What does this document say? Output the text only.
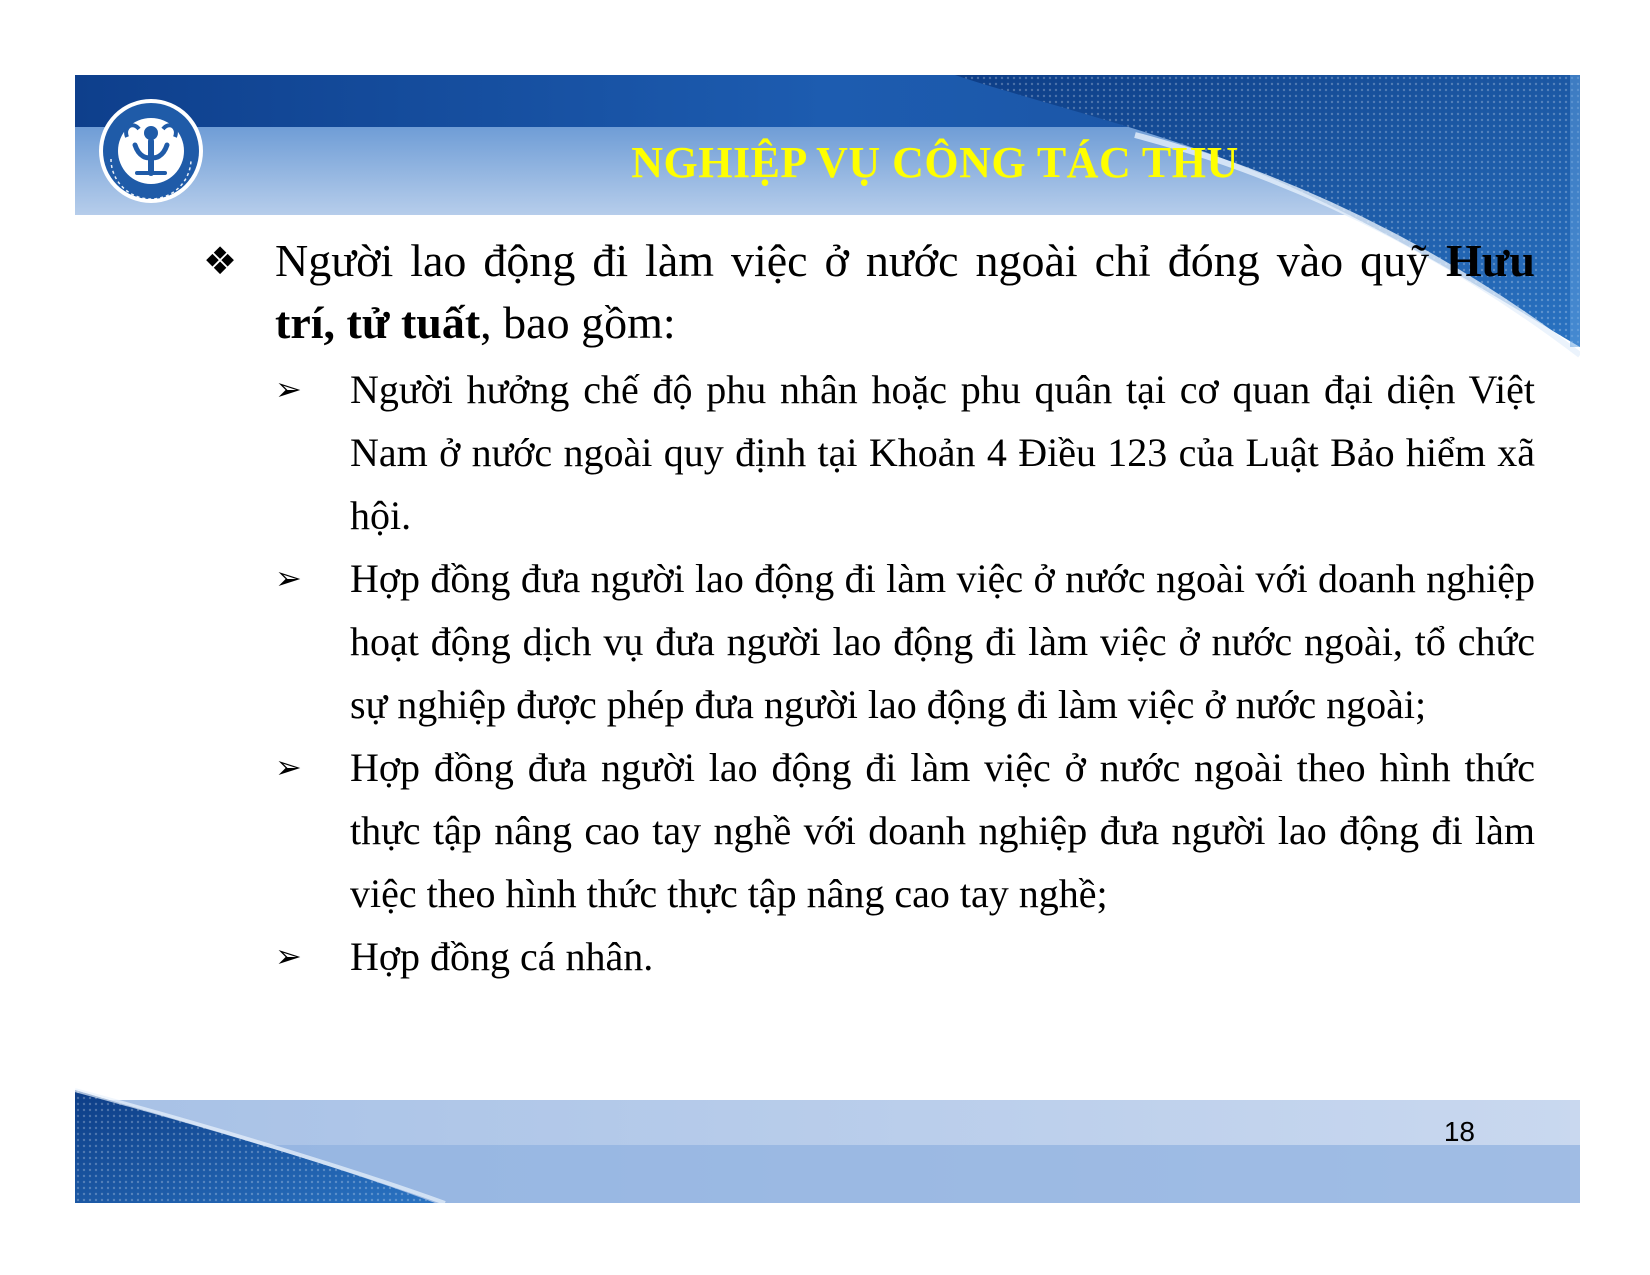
NGHIỆP VỤ CÔNG TÁC THU
❖ Người lao động đi làm việc ở nước ngoài chỉ đóng vào quỹ Hưu trí, tử tuất, bao gồm:
➢ Người hưởng chế độ phu nhân hoặc phu quân tại cơ quan đại diện Việt Nam ở nước ngoài quy định tại Khoản 4 Điều 123 của Luật Bảo hiểm xã hội.
➢ Hợp đồng đưa người lao động đi làm việc ở nước ngoài với doanh nghiệp hoạt động dịch vụ đưa người lao động đi làm việc ở nước ngoài, tổ chức sự nghiệp được phép đưa người lao động đi làm việc ở nước ngoài;
➢ Hợp đồng đưa người lao động đi làm việc ở nước ngoài theo hình thức thực tập nâng cao tay nghề với doanh nghiệp đưa người lao động đi làm việc theo hình thức thực tập nâng cao tay nghề;
➢ Hợp đồng cá nhân.
18
